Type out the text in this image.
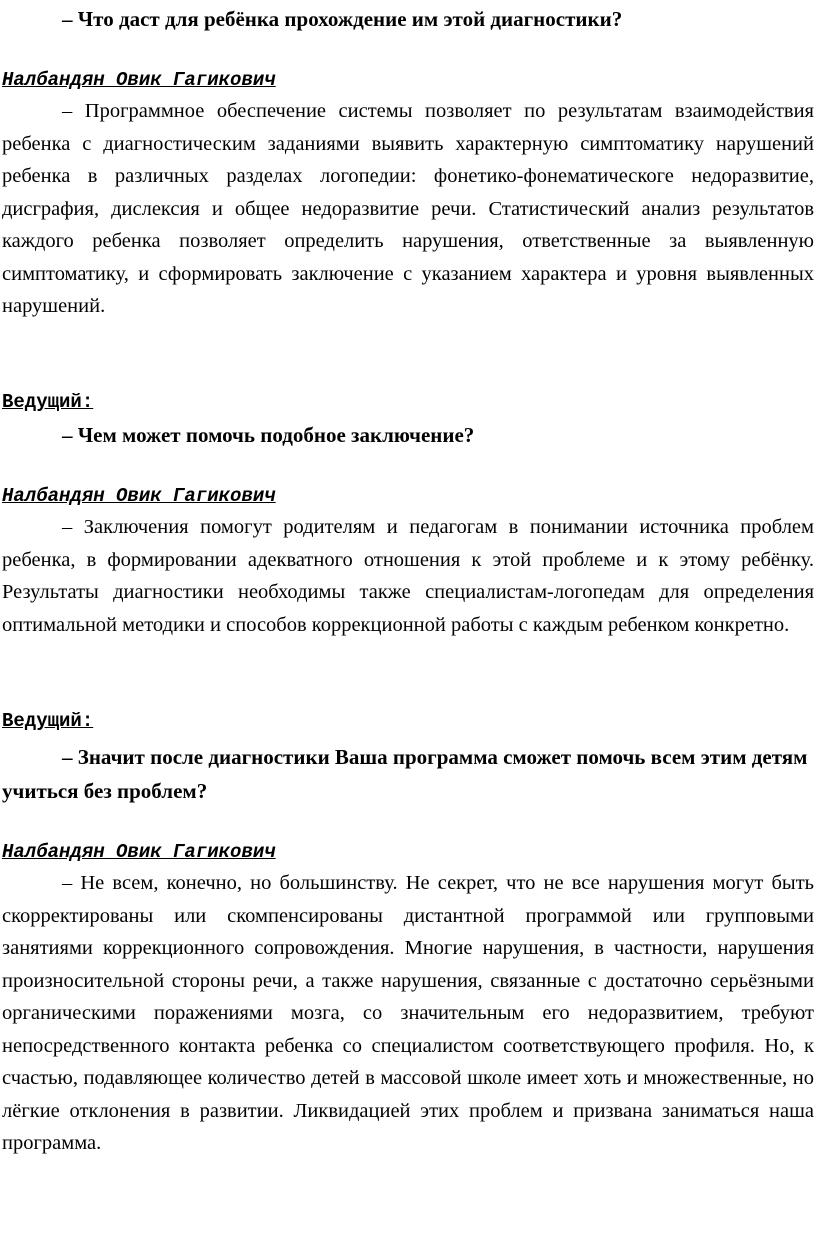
– Что даст для ребёнка прохождение им этой диагностики?

Налбандян Овик Гагикович

– Программное обеспечение системы позволяет по результатам взаимодействия ребенка с диагностическим заданиями выявить характерную симптоматику нарушений ребенка в различных разделах логопедии: фонетико-фонематическоге недоразвитие, дисграфия, дислексия и общее недоразвитие речи. Статистический анализ результатов каждого ребенка позволяет определить нарушения, ответственные за выявленную симптоматику, и сформировать заключение с указанием характера и уровня выявленных нарушений.

Ведущий:

– Чем может помочь подобное заключение?

Налбандян Овик Гагикович

– Заключения помогут родителям и педагогам в понимании источника проблем ребенка, в формировании адекватного отношения к этой проблеме и к этому ребёнку. Результаты диагностики необходимы также специалистам-логопедам для определения оптимальной методики и способов коррекционной работы с каждым ребенком конкретно.

Ведущий:

– Значит после диагностики Ваша программа сможет помочь всем этим детям учиться без проблем?

Налбандян Овик Гагикович

– Не всем, конечно, но большинству. Не секрет, что не все нарушения могут быть скорректированы или скомпенсированы дистантной программой или групповыми занятиями коррекционного сопровождения. Многие нарушения, в частности, нарушения произносительной стороны речи, а также нарушения, связанные с достаточно серьёзными органическими поражениями мозга, со значительным его недоразвитием, требуют непосредственного контакта ребенка со специалистом соответствующего профиля. Но, к счастью, подавляющее количество детей в массовой школе имеет хоть и множественные, но лёгкие отклонения в развитии. Ликвидацией этих проблем и призвана заниматься наша программа.
